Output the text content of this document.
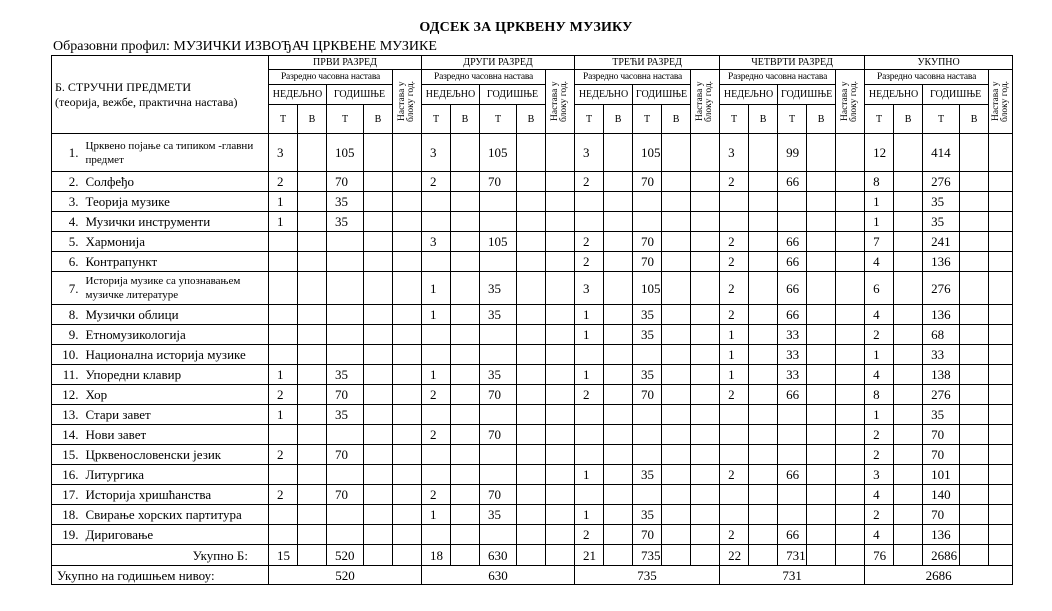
ОДСЕК ЗА ЦРКВЕНУ МУЗИКУ
Образовни профил: МУЗИЧКИ ИЗВОЂАЧ ЦРКВЕНЕ МУЗИКЕ
Б. СТРУЧНИ ПРЕДМЕТИ
(теорија, вежбе, практична настава)		ПРВИ РАЗРЕД					ДРУГИ РАЗРЕД					ТРЕЋИ РАЗРЕД					ЧЕТВРТИ РАЗРЕД					УКУПНО				
		Разредно часовна настава				Настава у блоку год.	Разредно часовна настава				Настава у блоку год.	Разредно часовна настава				Настава у блоку год.	Разредно часовна настава				Настава у блоку год.	Разредно часовна настава				Настава у блоку год.
		НЕДЕЉНО		ГОДИШЊЕ			НЕДЕЉНО		ГОДИШЊЕ			НЕДЕЉНО		ГОДИШЊЕ			НЕДЕЉНО		ГОДИШЊЕ			НЕДЕЉНО		ГОДИШЊЕ		
		Т	В	Т	В		Т	В	Т	В		Т	В	Т	В		Т	В	Т	В		Т	В	Т	В	
1.	Црквено појање са типиком -главни предмет	3		105			3		105			3		105			3		99			12		414		
2.	Солфеђо	2		70			2		70			2		70			2		66			8		276		
3.	Теорија музике	1		35																		1		35		
4.	Музички инструменти	1		35																		1		35		
5.	Хармонија						3		105			2		70			2		66			7		241		
6.	Контрапункт											2		70			2		66			4		136		
7.	Историја музике са упознавањем музичке литературе						1		35			3		105			2		66			6		276		
8.	Музички облици						1		35			1		35			2		66			4		136		
9.	Етномузикологија											1		35			1		33			2		68		
10.	Национална историја музике																1		33			1		33		
11.	Упоредни клавир	1		35			1		35			1		35			1		33			4		138		
12.	Хор	2		70			2		70			2		70			2		66			8		276		
13.	Стари завет	1		35																		1		35		
14.	Нови завет						2		70													2		70		
15.	Црквенословенски језик	2		70																		2		70		
16.	Литургика											1		35			2		66			3		101		
17.	Историја хришћанства	2		70			2		70													4		140		
18.	Свирање хорских партитура						1		35			1		35								2		70		
19.	Дириговање											2		70			2		66			4		136		
Укупно Б:		15		520			18		630			21		735			22		731			76		2686		
Укупно на годишњем нивоу:		520					630					735					731					2686				
